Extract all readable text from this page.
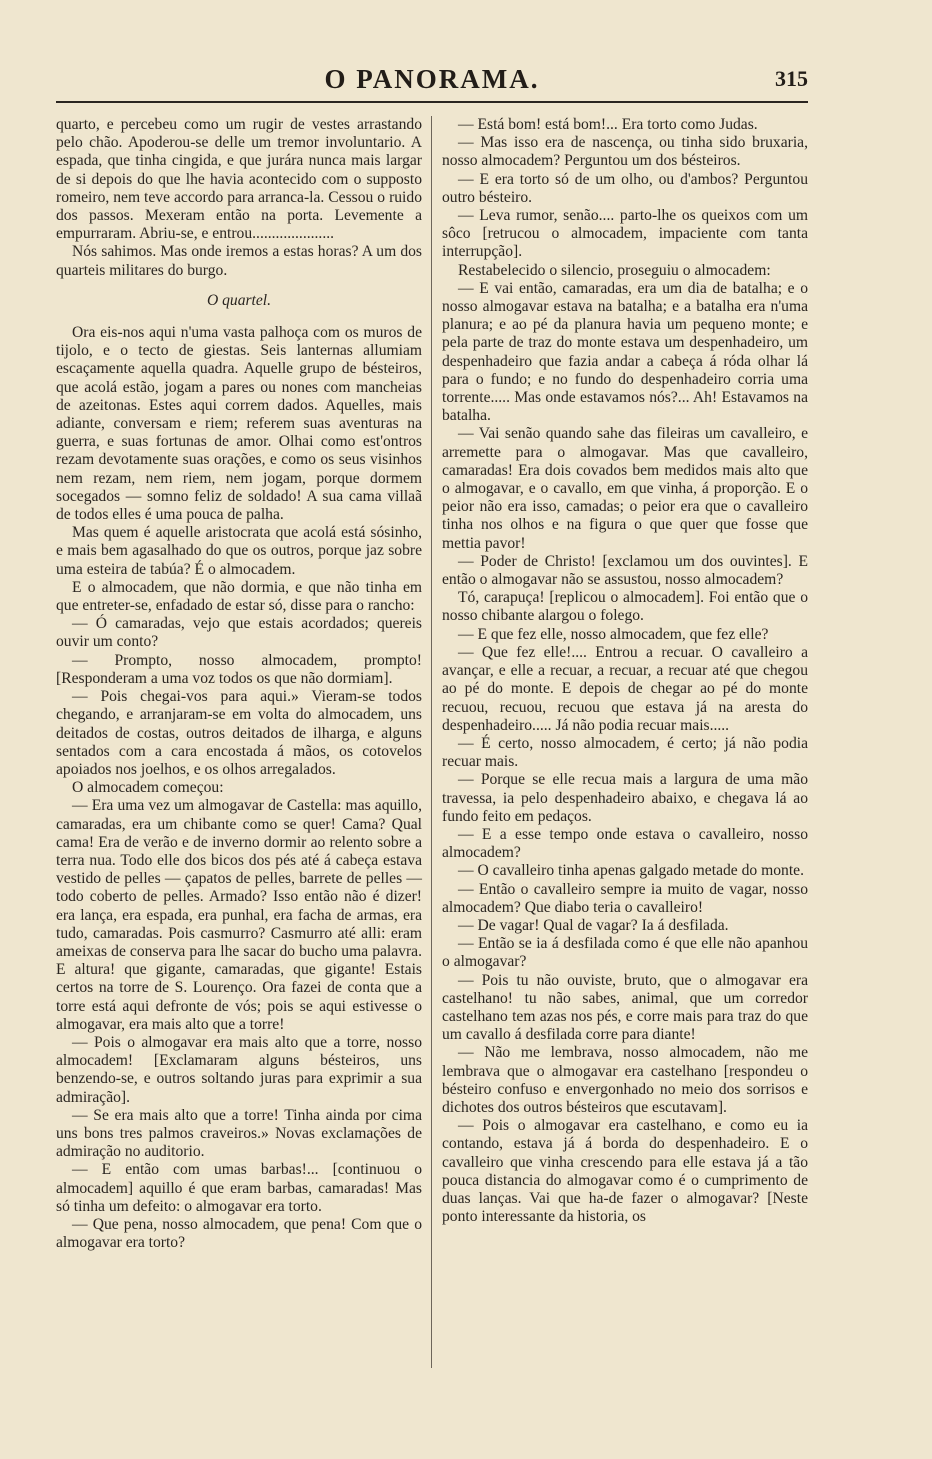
O PANORAMA.	315

quarto, e percebeu como um rugir de vestes arrastando pelo chão. Apoderou-se delle um tremor involuntario. A espada, que tinha cingida, e que jurára nunca mais largar de si depois do que lhe havia acontecido com o supposto romeiro, nem teve accordo para arranca-la. Cessou o ruido dos passos. Mexeram então na porta. Levemente a empurraram. Abriu-se, e entrou.....................

Nós sahimos. Mas onde iremos a estas horas? A um dos quarteis militares do burgo.

O quartel.

Ora eis-nos aqui n'uma vasta palhoça com os muros de tijolo, e o tecto de giestas. Seis lanternas allumiam escaçamente aquella quadra. Aquelle grupo de bésteiros, que acolá estão, jogam a pares ou nones com mancheias de azeitonas. Estes aqui correm dados. Aquelles, mais adiante, conversam e riem; referem suas aventuras na guerra, e suas fortunas de amor. Olhai como est'ontros rezam devotamente suas orações, e como os seus visinhos nem rezam, nem riem, nem jogam, porque dormem socegados — somno feliz de soldado! A sua cama villaã de todos elles é uma pouca de palha.

Mas quem é aquelle aristocrata que acolá está sósinho, e mais bem agasalhado do que os outros, porque jaz sobre uma esteira de tabúa? É o almocadem.

E o almocadem, que não dormia, e que não tinha em que entreter-se, enfadado de estar só, disse para o rancho:

— Ó camaradas, vejo que estais acordados; quereis ouvir um conto?

— Prompto, nosso almocadem, prompto! [Responderam a uma voz todos os que não dormiam].

— Pois chegai-vos para aqui.» Vieram-se todos chegando, e arranjaram-se em volta do almocadem, uns deitados de costas, outros deitados de ilharga, e alguns sentados com a cara encostada á mãos, os cotovelos apoiados nos joelhos, e os olhos arregalados.

O almocadem começou:

— Era uma vez um almogavar de Castella: mas aquillo, camaradas, era um chibante como se quer! Cama? Qual cama! Era de verão e de inverno dormir ao relento sobre a terra nua. Todo elle dos bicos dos pés até á cabeça estava vestido de pelles — çapatos de pelles, barrete de pelles — todo coberto de pelles. Armado? Isso então não é dizer! era lança, era espada, era punhal, era facha de armas, era tudo, camaradas. Pois casmurro? Casmurro até alli: eram ameixas de conserva para lhe sacar do bucho uma palavra. E altura! que gigante, camaradas, que gigante! Estais certos na torre de S. Lourenço. Ora fazei de conta que a torre está aqui defronte de vós; pois se aqui estivesse o almogavar, era mais alto que a torre!

— Pois o almogavar era mais alto que a torre, nosso almocadem! [Exclamaram alguns bésteiros, uns benzendo-se, e outros soltando juras para exprimir a sua admiração].

— Se era mais alto que a torre! Tinha ainda por cima uns bons tres palmos craveiros.» Novas exclamações de admiração no auditorio.

— E então com umas barbas!... [continuou o almocadem] aquillo é que eram barbas, camaradas! Mas só tinha um defeito: o almogavar era torto.

— Que pena, nosso almocadem, que pena! Com que o almogavar era torto?

— Está bom! está bom!... Era torto como Judas.

— Mas isso era de nascença, ou tinha sido bruxaria, nosso almocadem? Perguntou um dos bésteiros.

— E era torto só de um olho, ou d'ambos? Perguntou outro bésteiro.

— Leva rumor, senão.... parto-lhe os queixos com um sôco [retrucou o almocadem, impaciente com tanta interrupção].

Restabelecido o silencio, proseguiu o almocadem:

— E vai então, camaradas, era um dia de batalha; e o nosso almogavar estava na batalha; e a batalha era n'uma planura; e ao pé da planura havia um pequeno monte; e pela parte de traz do monte estava um despenhadeiro, um despenhadeiro que fazia andar a cabeça á róda olhar lá para o fundo; e no fundo do despenhadeiro corria uma torrente..... Mas onde estavamos nós?... Ah! Estavamos na batalha.

— Vai senão quando sahe das fileiras um cavalleiro, e arremette para o almogavar. Mas que cavalleiro, camaradas! Era dois covados bem medidos mais alto que o almogavar, e o cavallo, em que vinha, á proporção. E o peior não era isso, camadas; o peior era que o cavalleiro tinha nos olhos e na figura o que quer que fosse que mettia pavor!

— Poder de Christo! [exclamou um dos ouvintes]. E então o almogavar não se assustou, nosso almocadem?

Tó, carapuça! [replicou o almocadem]. Foi então que o nosso chibante alargou o folego.

— E que fez elle, nosso almocadem, que fez elle?

— Que fez elle!.... Entrou a recuar. O cavalleiro a avançar, e elle a recuar, a recuar, a recuar até que chegou ao pé do monte. E depois de chegar ao pé do monte recuou, recuou, recuou que estava já na aresta do despenhadeiro..... Já não podia recuar mais.....

— É certo, nosso almocadem, é certo; já não podia recuar mais.

— Porque se elle recua mais a largura de uma mão travessa, ia pelo despenhadeiro abaixo, e chegava lá ao fundo feito em pedaços.

— E a esse tempo onde estava o cavalleiro, nosso almocadem?

— O cavalleiro tinha apenas galgado metade do monte.

— Então o cavalleiro sempre ia muito de vagar, nosso almocadem? Que diabo teria o cavalleiro!

— De vagar! Qual de vagar? Ia á desfilada.

— Então se ia á desfilada como é que elle não apanhou o almogavar?

— Pois tu não ouviste, bruto, que o almogavar era castelhano! tu não sabes, animal, que um corredor castelhano tem azas nos pés, e corre mais para traz do que um cavallo á desfilada corre para diante!

— Não me lembrava, nosso almocadem, não me lembrava que o almogavar era castelhano [respondeu o bésteiro confuso e envergonhado no meio dos sorrisos e dichotes dos outros bésteiros que escutavam].

— Pois o almogavar era castelhano, e como eu ia contando, estava já á borda do despenhadeiro. E o cavalleiro que vinha crescendo para elle estava já a tão pouca distancia do almogavar como é o cumprimento de duas lanças. Vai que ha-de fazer o almogavar? [Neste ponto interessante da historia, os
